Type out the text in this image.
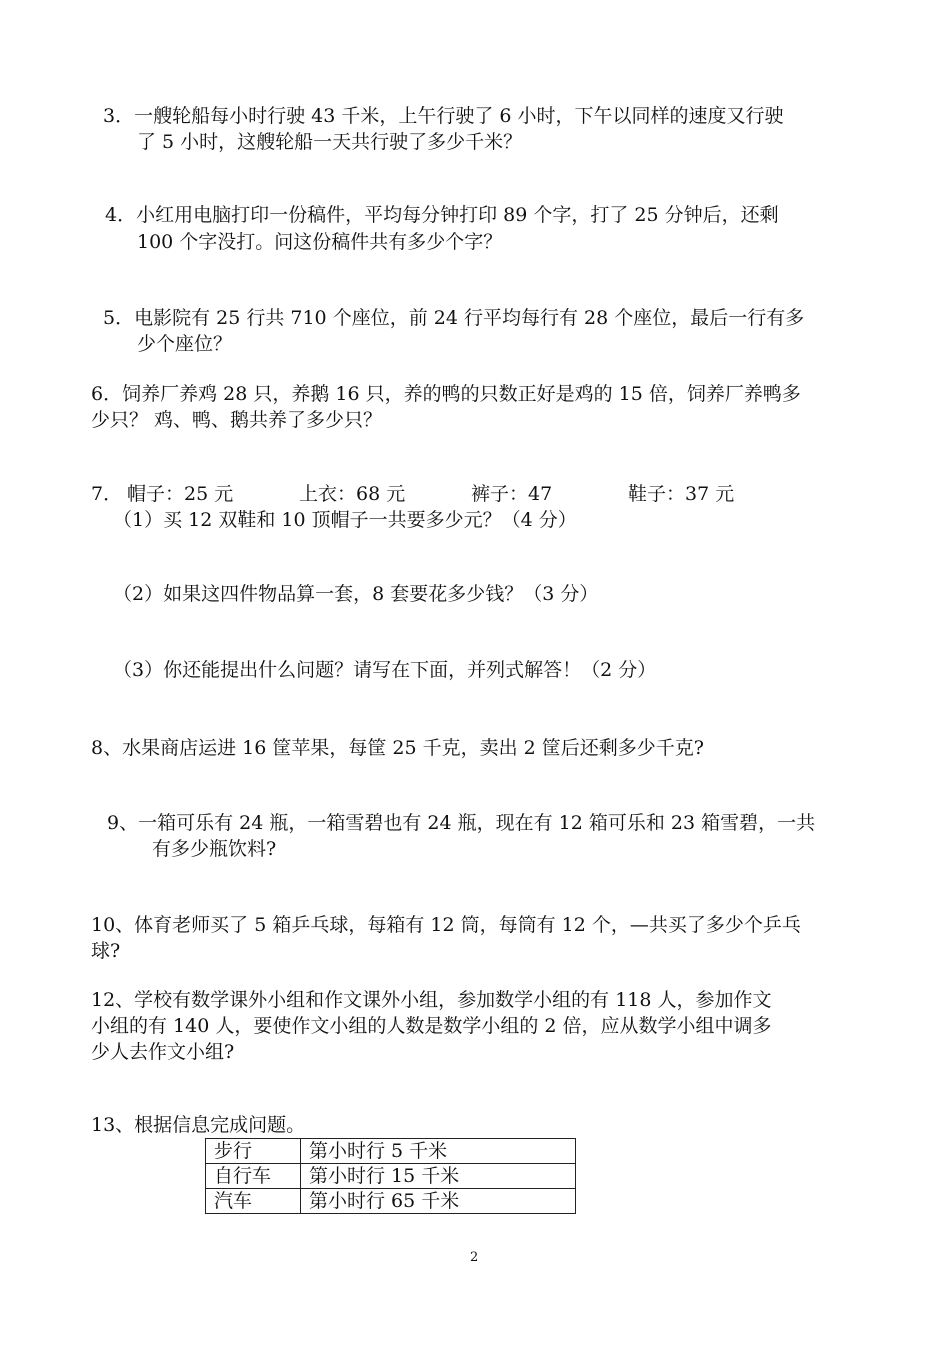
3．一艘轮船每小时行驶 43 千米，上午行驶了 6 小时，下午以同样的速度又行驶
了 5 小时，这艘轮船一天共行驶了多少千米？
4．小红用电脑打印一份稿件，平均每分钟打印 89 个字，打了 25 分钟后，还剩
100 个字没打。问这份稿件共有多少个字？
5．电影院有 25 行共 710 个座位，前 24 行平均每行有 28 个座位，最后一行有多
少个座位？
6．饲养厂养鸡 28 只，养鹅 16 只，养的鸭的只数正好是鸡的 15 倍，饲养厂养鸭多
少只？ 鸡、鸭、鹅共养了多少只？
7． 帽子：25 元	上衣：68 元	裤子：47	鞋子：37 元
（1）买 12 双鞋和 10 顶帽子一共要多少元？（4 分）
（2）如果这四件物品算一套，8 套要花多少钱？（3 分）
（3）你还能提出什么问题？请写在下面，并列式解答！（2 分）
8、水果商店运进 16 筐苹果，每筐 25 千克，卖出 2 筐后还剩多少千克?
9、一箱可乐有 24 瓶，一箱雪碧也有 24 瓶，现在有 12 箱可乐和 23 箱雪碧，一共
有多少瓶饮料?
10、体育老师买了 5 箱乒乓球，每箱有 12 筒，每筒有 12 个，—共买了多少个乒乓
球?
12、学校有数学课外小组和作文课外小组，参加数学小组的有 118 人，参加作文
小组的有 140 人，要使作文小组的人数是数学小组的 2 倍，应从数学小组中调多
少人去作文小组?
13、根据信息完成问题。
步行	第小时行 5 千米
自行车	第小时行 15 千米
汽车	第小时行 65 千米
2
